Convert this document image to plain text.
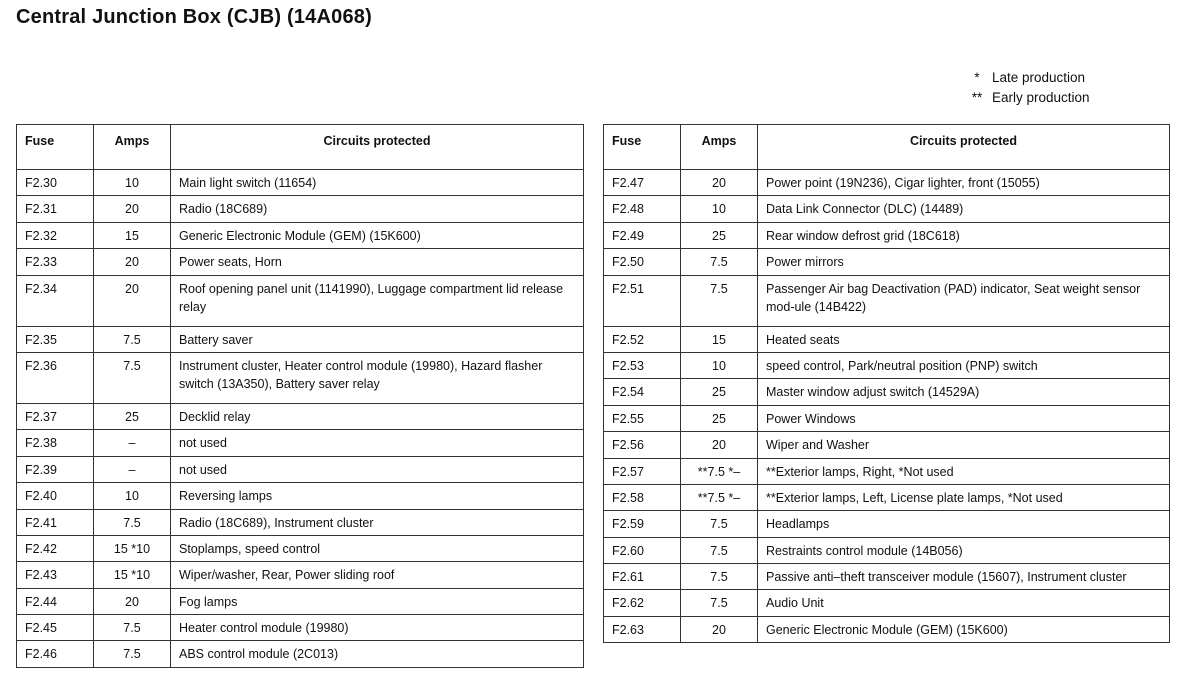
Central Junction Box (CJB) (14A068)
* Late production
** Early production
Fuse	Amps	Circuits protected
F2.30	10	Main light switch (11654)
F2.31	20	Radio (18C689)
F2.32	15	Generic Electronic Module (GEM) (15K600)
F2.33	20	Power seats, Horn
F2.34	20	Roof opening panel unit (1141990), Luggage compartment lid release relay
F2.35	7.5	Battery saver
F2.36	7.5	Instrument cluster, Heater control module (19980), Hazard flasher switch (13A350), Battery saver relay
F2.37	25	Decklid relay
F2.38	–	not used
F2.39	–	not used
F2.40	10	Reversing lamps
F2.41	7.5	Radio (18C689), Instrument cluster
F2.42	15 *10	Stoplamps, speed control
F2.43	15 *10	Wiper/washer, Rear, Power sliding roof
F2.44	20	Fog lamps
F2.45	7.5	Heater control module (19980)
F2.46	7.5	ABS control module (2C013)
Fuse	Amps	Circuits protected
F2.47	20	Power point (19N236), Cigar lighter, front (15055)
F2.48	10	Data Link Connector (DLC) (14489)
F2.49	25	Rear window defrost grid (18C618)
F2.50	7.5	Power mirrors
F2.51	7.5	Passenger Air bag Deactivation (PAD) indicator, Seat weight sensor mod-ule (14B422)
F2.52	15	Heated seats
F2.53	10	speed control, Park/neutral position (PNP) switch
F2.54	25	Master window adjust switch (14529A)
F2.55	25	Power Windows
F2.56	20	Wiper and Washer
F2.57	**7.5 *–	**Exterior lamps, Right, *Not used
F2.58	**7.5 *–	**Exterior lamps, Left, License plate lamps, *Not used
F2.59	7.5	Headlamps
F2.60	7.5	Restraints control module (14B056)
F2.61	7.5	Passive anti–theft transceiver module (15607), Instrument cluster
F2.62	7.5	Audio Unit
F2.63	20	Generic Electronic Module (GEM) (15K600)
